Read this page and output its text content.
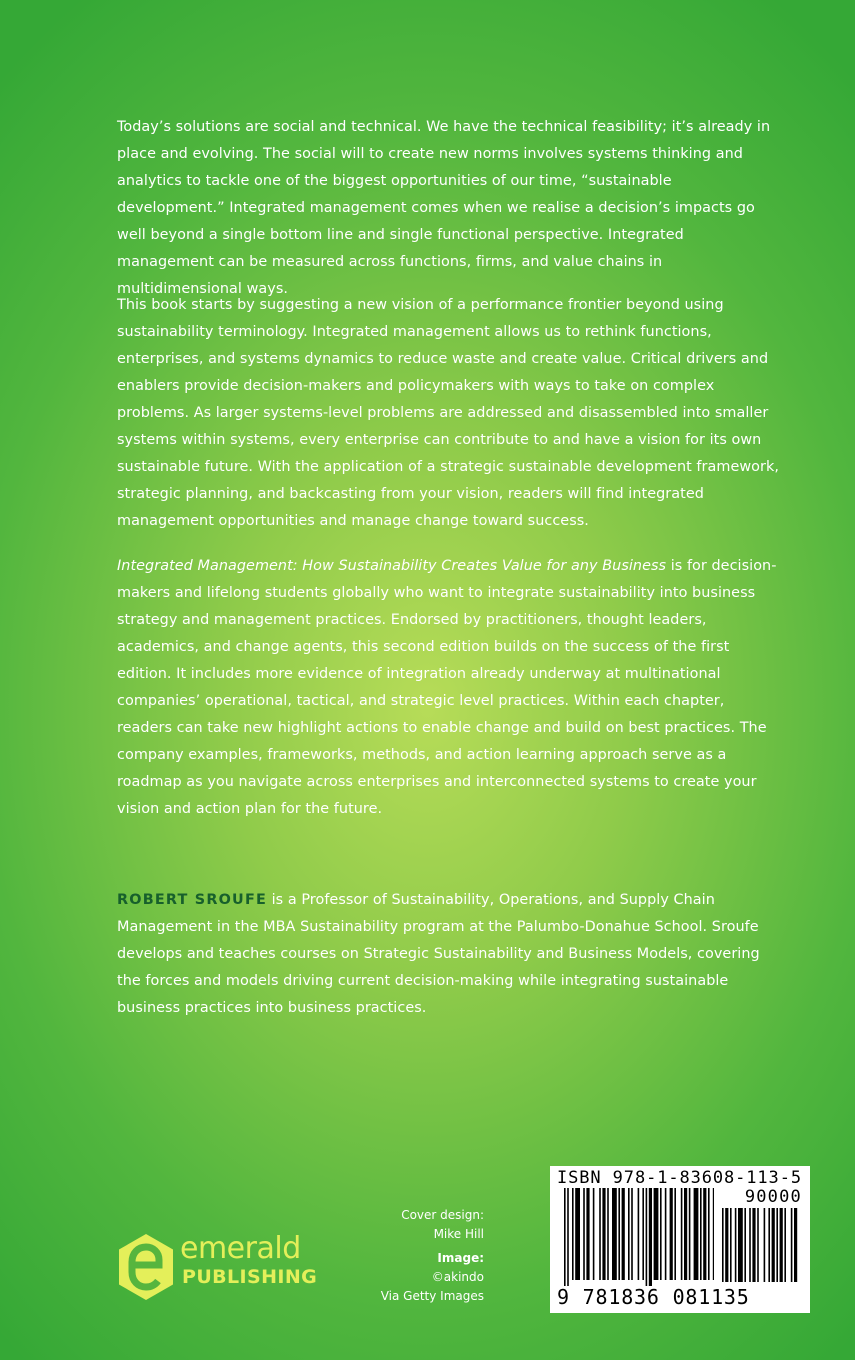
Today’s solutions are social and technical. We have the technical feasibility; it’s already in place and evolving. The social will to create new norms involves systems thinking and analytics to tackle one of the biggest opportunities of our time, “sustainable development.” Integrated management comes when we realise a decision’s impacts go well beyond a single bottom line and single functional perspective. Integrated management can be measured across functions, firms, and value chains in multidimensional ways.

This book starts by suggesting a new vision of a performance frontier beyond using sustainability terminology. Integrated management allows us to rethink functions, enterprises, and systems dynamics to reduce waste and create value. Critical drivers and enablers provide decision-makers and policymakers with ways to take on complex problems. As larger systems-level problems are addressed and disassembled into smaller systems within systems, every enterprise can contribute to and have a vision for its own sustainable future. With the application of a strategic sustainable development framework, strategic planning, and backcasting from your vision, readers will find integrated management opportunities and manage change toward success.

Integrated Management: How Sustainability Creates Value for any Business is for decision-makers and lifelong students globally who want to integrate sustainability into business strategy and management practices. Endorsed by practitioners, thought leaders, academics, and change agents, this second edition builds on the success of the first edition. It includes more evidence of integration already underway at multinational companies’ operational, tactical, and strategic level practices. Within each chapter, readers can take new highlight actions to enable change and build on best practices. The company examples, frameworks, methods, and action learning approach serve as a roadmap as you navigate across enterprises and interconnected systems to create your vision and action plan for the future.

ROBERT SROUFE is a Professor of Sustainability, Operations, and Supply Chain Management in the MBA Sustainability program at the Palumbo-Donahue School. Sroufe develops and teaches courses on Strategic Sustainability and Business Models, covering the forces and models driving current decision-making while integrating sustainable business practices into business practices.

emerald
PUBLISHING
Cover design:
Mike Hill
Image:
©akindo
Via Getty Images
ISBN 978-1-83608-113-5
90000
9 781836 081135
